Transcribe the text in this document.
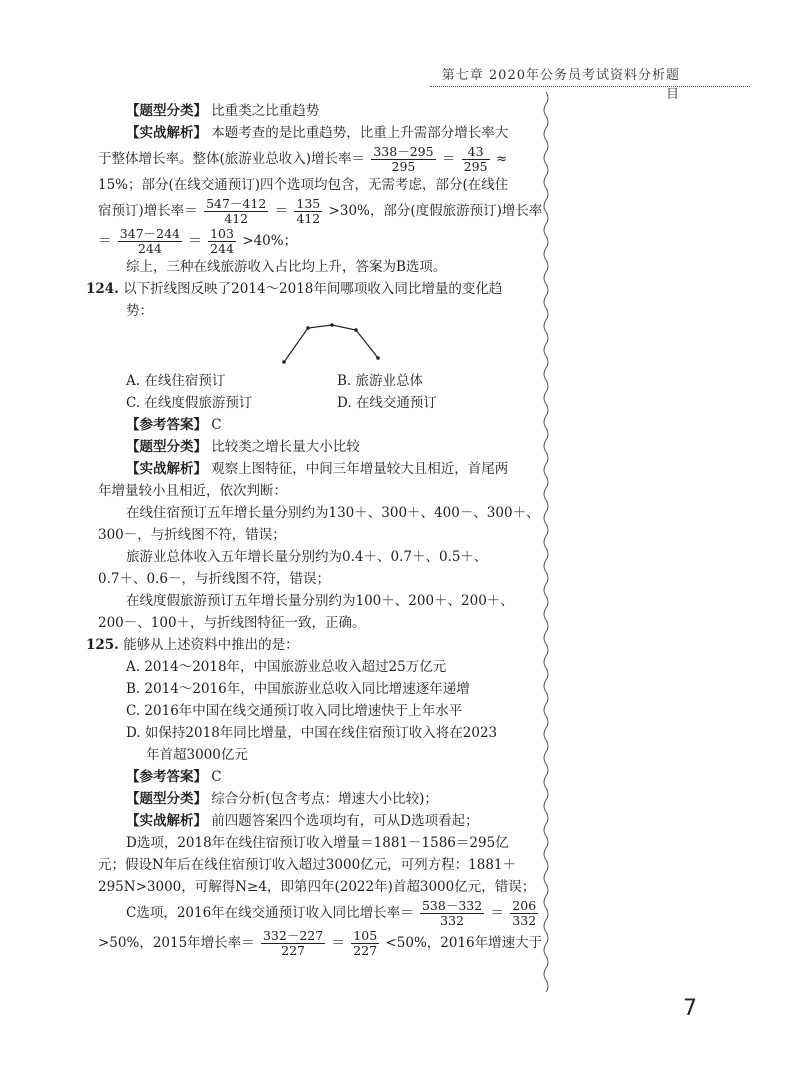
第七章 2020年公务员考试资料分析题目
【题型分类】 比重类之比重趋势
【实战解析】 本题考查的是比重趋势，比重上升需部分增长率大
于整体增长率。整体(旅游业总收入)增长率＝ $\frac{338-295}{295} = \frac{43}{295}$ ≈
15%；部分(在线交通预订)四个选项均包含，无需考虑，部分(在线住
宿预订)增长率＝ $\frac{547-412}{412} = \frac{135}{412} >30\%$，部分(度假旅游预订)增长率
＝ $\frac{347-244}{244} = \frac{103}{244} >40\%$；
综上，三种在线旅游收入占比均上升，答案为B选项。
124. 以下折线图反映了2014～2018年间哪项收入同比增量的变化趋
势：
A. 在线住宿预订	B. 旅游业总体
C. 在线度假旅游预订	D. 在线交通预订
【参考答案】 C
【题型分类】 比较类之增长量大小比较
【实战解析】 观察上图特征，中间三年增量较大且相近，首尾两
年增量较小且相近，依次判断：
在线住宿预订五年增长量分别约为130＋、300＋、400－、300＋、
300－，与折线图不符，错误；
旅游业总体收入五年增长量分别约为0.4＋、0.7＋、0.5＋、
0.7＋、0.6－，与折线图不符，错误；
在线度假旅游预订五年增长量分别约为100＋、200＋、200＋、
200－、100＋，与折线图特征一致，正确。
125. 能够从上述资料中推出的是：
A. 2014～2018年，中国旅游业总收入超过25万亿元
B. 2014～2016年，中国旅游业总收入同比增速逐年递增
C. 2016年中国在线交通预订收入同比增速快于上年水平
D. 如保持2018年同比增量，中国在线住宿预订收入将在2023
年首超3000亿元
【参考答案】 C
【题型分类】 综合分析(包含考点：增速大小比较)；
【实战解析】 前四题答案四个选项均有，可从D选项看起；
D选项，2018年在线住宿预订收入增量＝1881－1586＝295亿
元；假设N年后在线住宿预订收入超过3000亿元，可列方程：1881＋
295N>3000，可解得N≥4，即第四年(2022年)首超3000亿元，错误；
C选项，2016年在线交通预订收入同比增长率＝ $\frac{538-332}{332} = \frac{206}{332}$
>50%，2015年增长率＝ $\frac{332-227}{227} = \frac{105}{227} <50\%$，2016年增速大于
7
